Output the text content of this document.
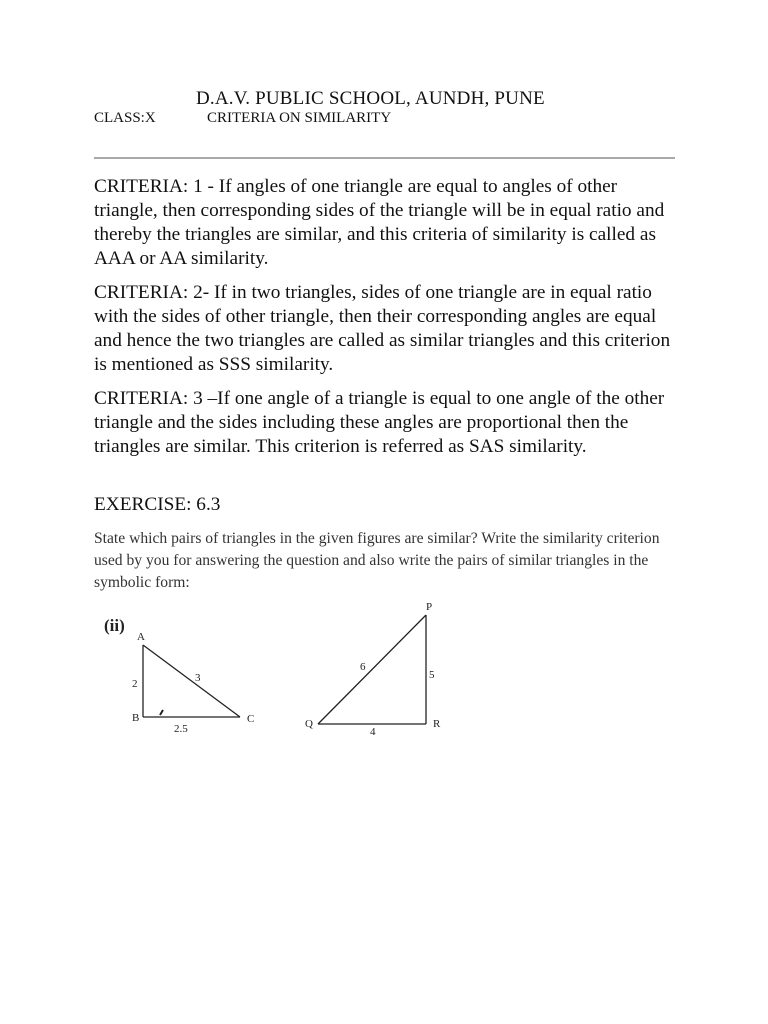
D.A.V. PUBLIC SCHOOL, AUNDH, PUNE
CLASS:X	CRITERIA ON SIMILARITY

CRITERIA: 1 - If angles of one triangle are equal to angles of other triangle, then corresponding sides of the triangle will be in equal ratio and thereby the triangles are similar, and this criteria of similarity is called as AAA or AA similarity.

CRITERIA: 2- If in two triangles, sides of one triangle are in equal ratio with the sides of other triangle, then their corresponding angles are equal and hence the two triangles are called as similar triangles and this criterion is mentioned as SSS similarity.

CRITERIA: 3 –If one angle of a triangle is equal to one angle of the other triangle and the sides including these angles are proportional then the triangles are similar. This criterion is referred as SAS similarity.

EXERCISE: 6.3

State which pairs of triangles in the given figures are similar? Write the similarity criterion used by you for answering the question and also write the pairs of similar triangles in the symbolic form:

(ii)
A
B	C
2	3
2.5
P
Q	R
6
5
4
